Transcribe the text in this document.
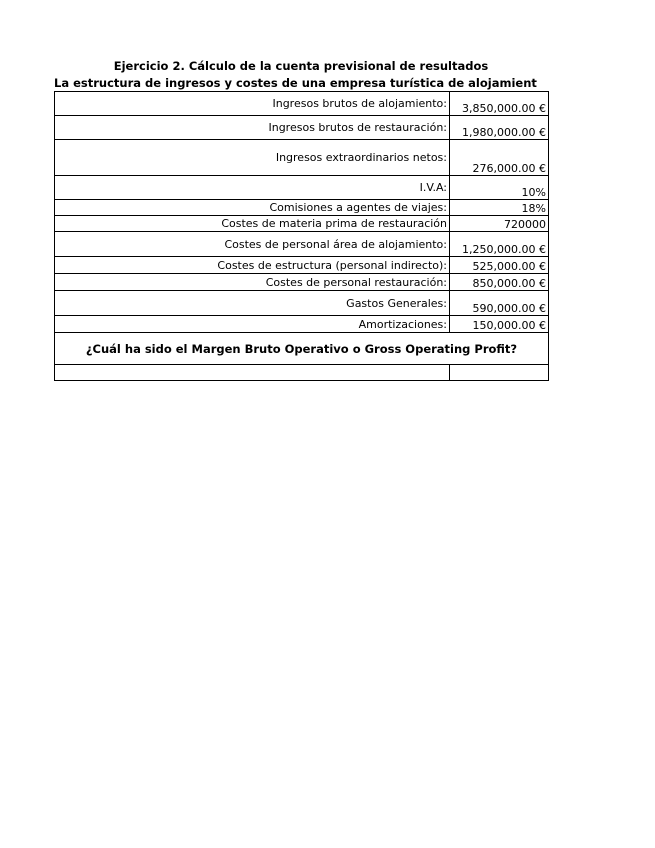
Ejercicio 2. Cálculo de la cuenta previsional de resultados
La estructura de ingresos y costes de una empresa turística de alojamient
Ingresos brutos de alojamiento:	3,850,000.00 €
Ingresos brutos de restauración:	1,980,000.00 €
Ingresos extraordinarios netos:	276,000.00 €
I.V.A:	10%
Comisiones a agentes de viajes:	18%
Costes de materia prima de restauración	720000
Costes de personal área de alojamiento:	1,250,000.00 €
Costes de estructura (personal indirecto):	525,000.00 €
Costes de personal restauración:	850,000.00 €
Gastos Generales:	590,000.00 €
Amortizaciones:	150,000.00 €
¿Cuál ha sido el Margen Bruto Operativo o Gross Operating Profit?	
